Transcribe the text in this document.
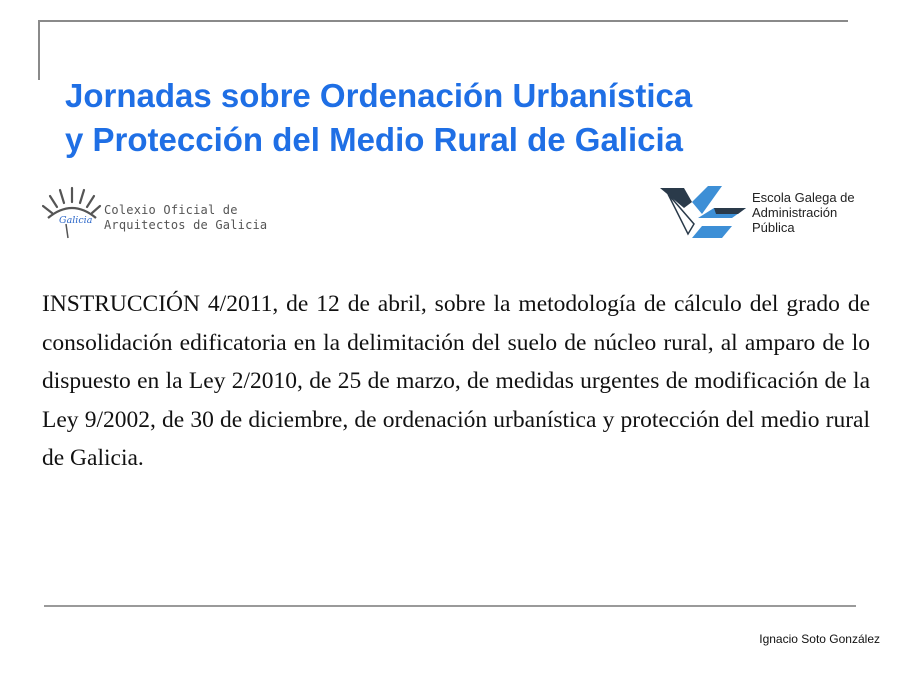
Jornadas sobre Ordenación Urbanística
y Protección del Medio Rural de Galicia
Galicia
Colexio Oficial de
Arquitectos de Galicia
Escola Galega de
Administración
Pública

INSTRUCCIÓN 4/2011, de 12 de abril, sobre la metodología de cálculo del grado de consolidación edificatoria en la delimitación del suelo de núcleo rural, al amparo de lo dispuesto en la Ley 2/2010, de 25 de marzo, de medidas urgentes de modificación de la Ley 9/2002, de 30 de diciembre, de ordenación urbanística y protección del medio rural de Galicia.

Ignacio Soto González
